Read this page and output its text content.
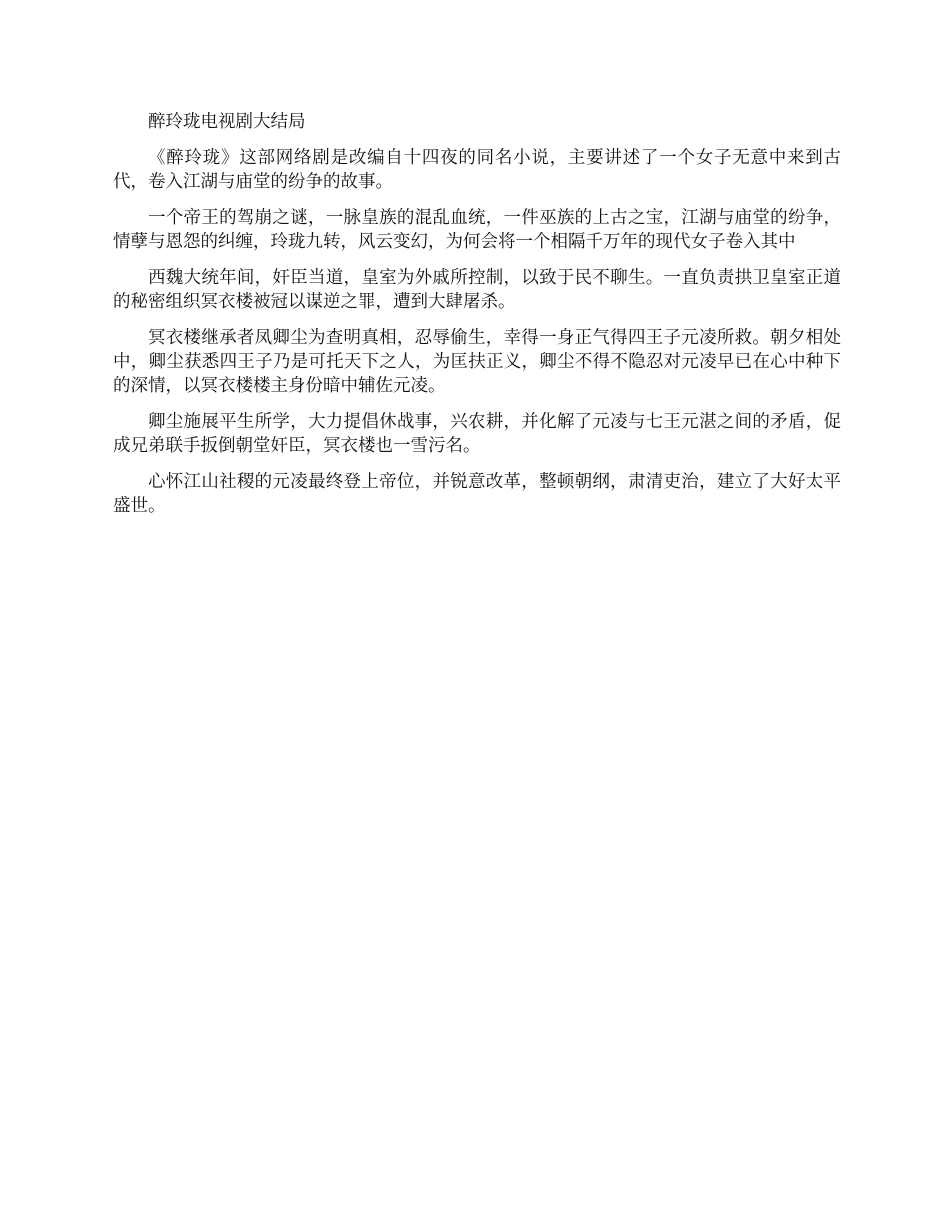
醉玲珑电视剧大结局

《醉玲珑》这部网络剧是改编自十四夜的同名小说，主要讲述了一个女子无意中来到古代，卷入江湖与庙堂的纷争的故事。

一个帝王的驾崩之谜，一脉皇族的混乱血统，一件巫族的上古之宝，江湖与庙堂的纷争，情孽与恩怨的纠缠，玲珑九转，风云变幻，为何会将一个相隔千万年的现代女子卷入其中

西魏大统年间，奸臣当道，皇室为外戚所控制，以致于民不聊生。一直负责拱卫皇室正道的秘密组织冥衣楼被冠以谋逆之罪，遭到大肆屠杀。

冥衣楼继承者凤卿尘为查明真相，忍辱偷生，幸得一身正气得四王子元凌所救。朝夕相处中，卿尘获悉四王子乃是可托天下之人，为匡扶正义，卿尘不得不隐忍对元凌早已在心中种下的深情，以冥衣楼楼主身份暗中辅佐元凌。

卿尘施展平生所学，大力提倡休战事，兴农耕，并化解了元凌与七王元湛之间的矛盾，促成兄弟联手扳倒朝堂奸臣，冥衣楼也一雪污名。

心怀江山社稷的元凌最终登上帝位，并锐意改革，整顿朝纲，肃清吏治，建立了大好太平盛世。
